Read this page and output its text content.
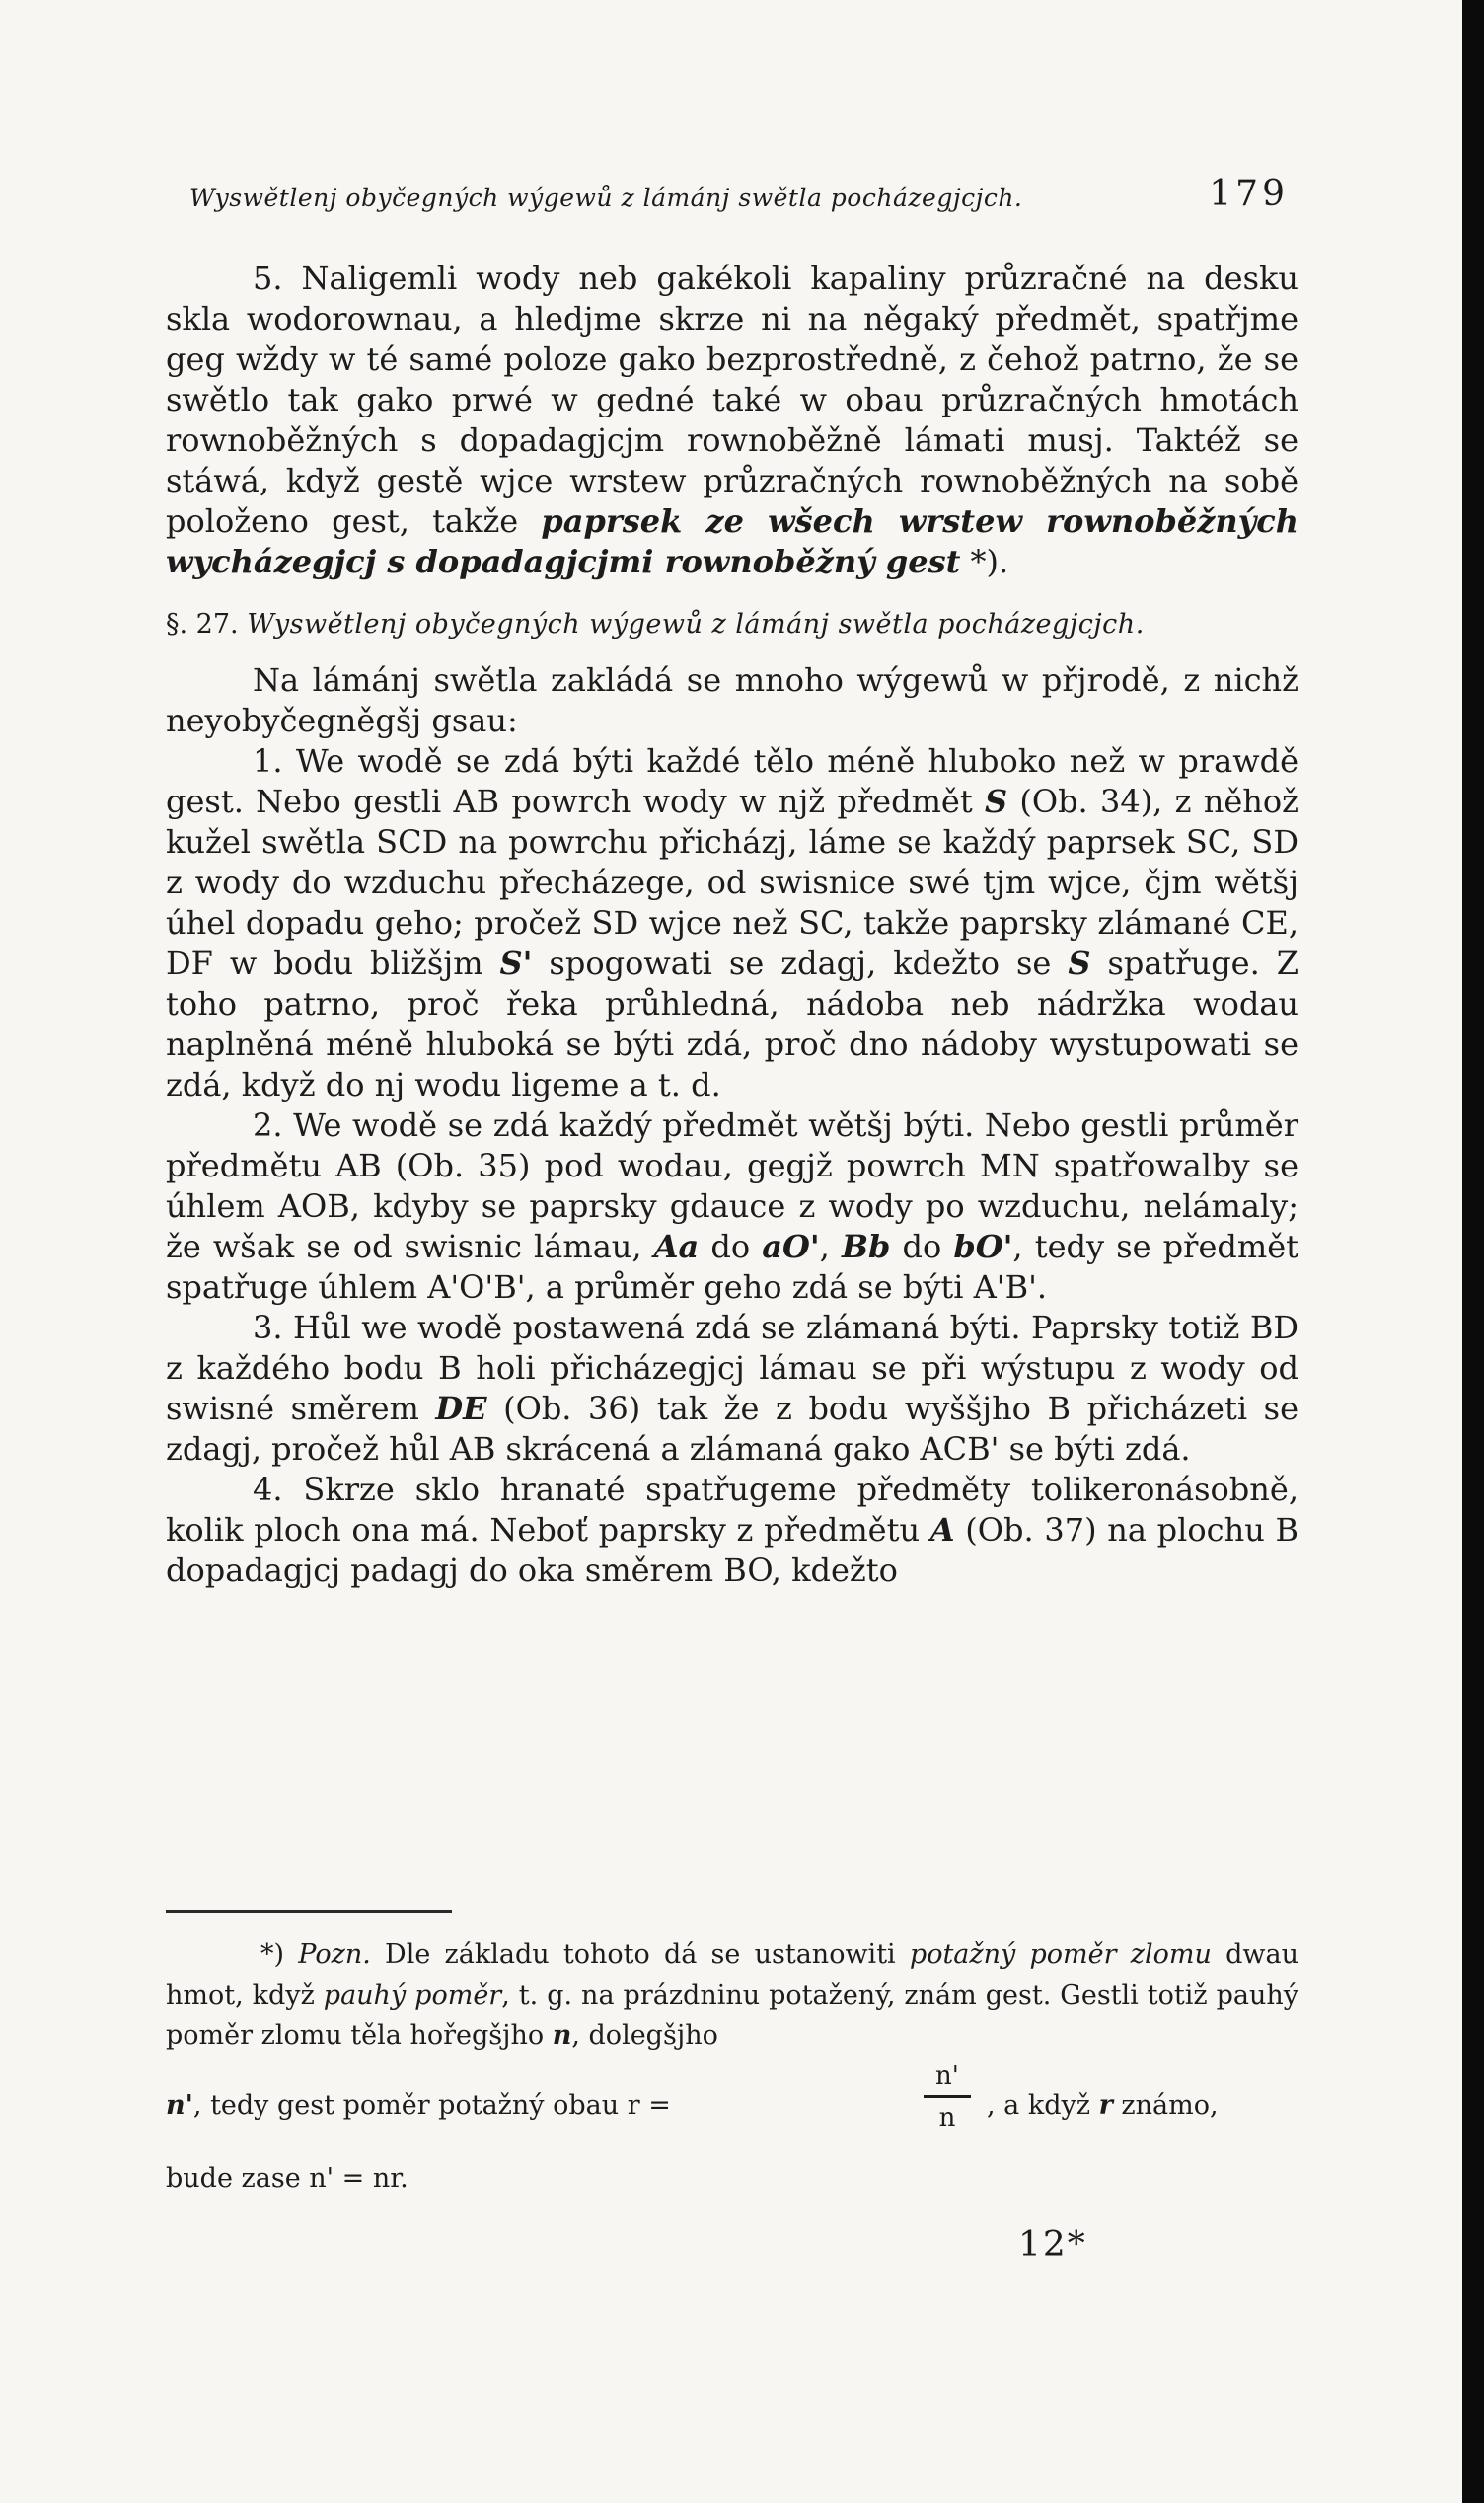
Wyswětlenj obyčegných wýgewů z lámánj swětla pocházegjcjch.	179

5. Naligemli wody neb gakékoli kapaliny průzračné na desku skla wodorownau, a hledjme skrze ni na něgaký předmět, spatřjme geg wždy w té samé poloze gako bezprostředně, z čehož patrno, že se swětlo tak gako prwé w gedné také w obau průzračných hmotách rownoběžných s dopadagjcjm rownoběžně lámati musj. Taktéž se stáwá, když gestě wjce wrstew průzračných rownoběžných na sobě položeno gest, takže paprsek ze wšech wrstew rownoběžných wycházegjcj s dopadagjcjmi rownoběžný gest *).

§. 27. Wyswětlenj obyčegných wýgewů z lámánj swětla pocházegjcjch.

Na lámánj swětla zakládá se mnoho wýgewů w přjrodě, z nichž neyobyčegněgšj gsau:

1. We wodě se zdá býti každé tělo méně hluboko než w prawdě gest. Nebo gestli AB powrch wody w njž předmět S (Ob. 34), z něhož kužel swětla SCD na powrchu přicházj, láme se každý paprsek SC, SD z wody do wzduchu přecházege, od swisnice swé tjm wjce, čjm wětšj úhel dopadu geho; pročež SD wjce než SC, takže paprsky zlámané CE, DF w bodu bližšjm S' spogowati se zdagj, kdežto se S spatřuge. Z toho patrno, proč řeka průhledná, nádoba neb nádržka wodau naplněná méně hluboká se býti zdá, proč dno nádoby wystupowati se zdá, když do nj wodu ligeme a t. d.

2. We wodě se zdá každý předmět wětšj býti. Nebo gestli průměr předmětu AB (Ob. 35) pod wodau, gegjž powrch MN spatřowalby se úhlem AOB, kdyby se paprsky gdauce z wody po wzduchu, nelámaly; že wšak se od swisnic lámau, Aa do aO', Bb do bO', tedy se předmět spatřuge úhlem A'O'B', a průměr geho zdá se býti A'B'.

3. Hůl we wodě postawená zdá se zlámaná býti. Paprsky totiž BD z každého bodu B holi přicházegjcj lámau se při wýstupu z wody od swisné směrem DE (Ob. 36) tak že z bodu wyššjho B přicházeti se zdagj, pročež hůl AB skrácená a zlámaná gako ACB' se býti zdá.

4. Skrze sklo hranaté spatřugeme předměty tolikeronásobně, kolik ploch ona má. Neboť paprsky z předmětu A (Ob. 37) na plochu B dopadagjcj padagj do oka směrem BO, kdežto

*) Pozn. Dle základu tohoto dá se ustanowiti potažný poměr zlomu dwau hmot, když pauhý poměr, t. g. na prázdninu potažený, znám gest. Gestli totiž pauhý poměr zlomu těla hořegšjho n, dolegšjho
n', tedy gest poměr potažný obau r =
n'
n	, a když r známo,
bude zase n' = nr.
12*
